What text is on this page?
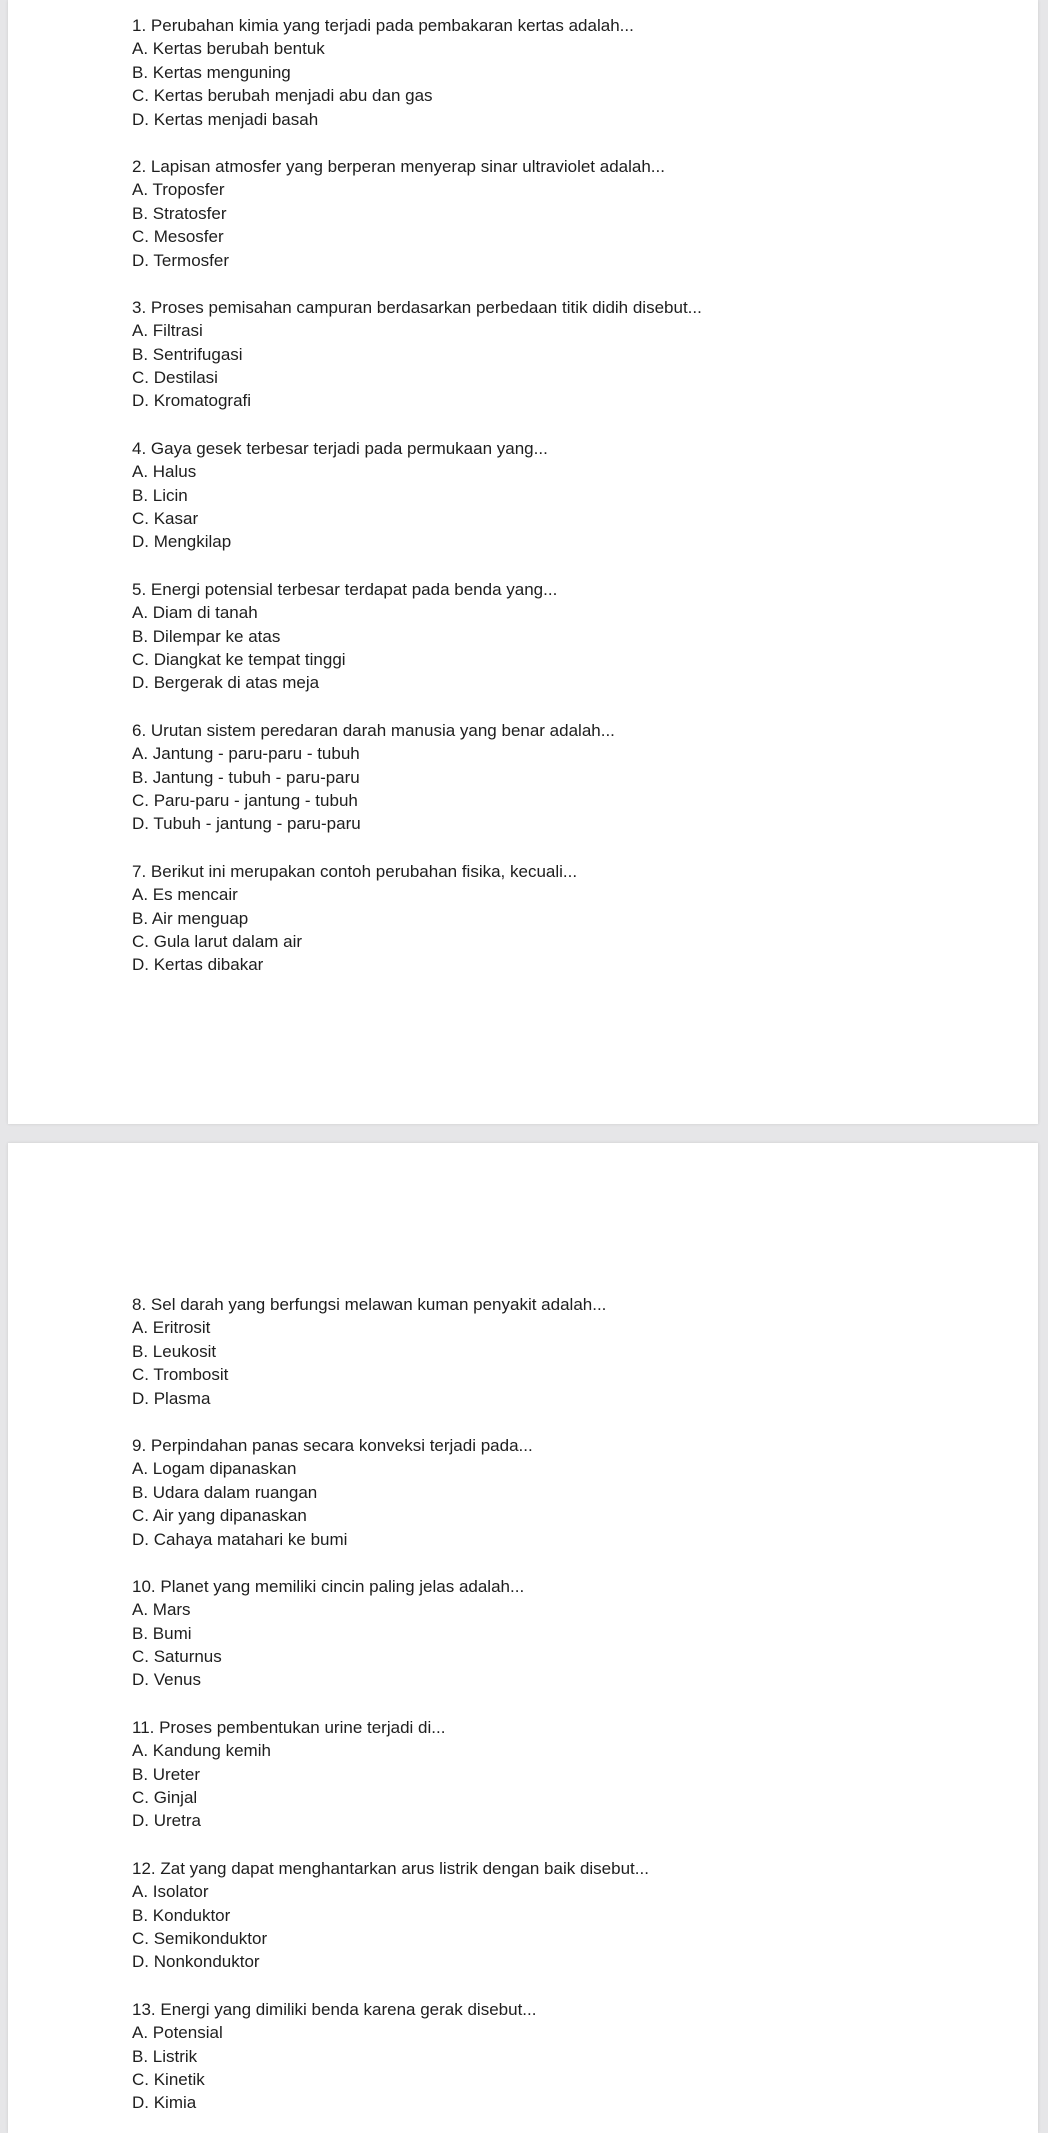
1. Perubahan kimia yang terjadi pada pembakaran kertas adalah...
A. Kertas berubah bentuk
B. Kertas menguning
C. Kertas berubah menjadi abu dan gas
D. Kertas menjadi basah
2. Lapisan atmosfer yang berperan menyerap sinar ultraviolet adalah...
A. Troposfer
B. Stratosfer
C. Mesosfer
D. Termosfer
3. Proses pemisahan campuran berdasarkan perbedaan titik didih disebut...
A. Filtrasi
B. Sentrifugasi
C. Destilasi
D. Kromatografi
4. Gaya gesek terbesar terjadi pada permukaan yang...
A. Halus
B. Licin
C. Kasar
D. Mengkilap
5. Energi potensial terbesar terdapat pada benda yang...
A. Diam di tanah
B. Dilempar ke atas
C. Diangkat ke tempat tinggi
D. Bergerak di atas meja
6. Urutan sistem peredaran darah manusia yang benar adalah...
A. Jantung - paru-paru - tubuh
B. Jantung - tubuh - paru-paru
C. Paru-paru - jantung - tubuh
D. Tubuh - jantung - paru-paru
7. Berikut ini merupakan contoh perubahan fisika, kecuali...
A. Es mencair
B. Air menguap
C. Gula larut dalam air
D. Kertas dibakar
8. Sel darah yang berfungsi melawan kuman penyakit adalah...
A. Eritrosit
B. Leukosit
C. Trombosit
D. Plasma
9. Perpindahan panas secara konveksi terjadi pada...
A. Logam dipanaskan
B. Udara dalam ruangan
C. Air yang dipanaskan
D. Cahaya matahari ke bumi
10. Planet yang memiliki cincin paling jelas adalah...
A. Mars
B. Bumi
C. Saturnus
D. Venus
11. Proses pembentukan urine terjadi di...
A. Kandung kemih
B. Ureter
C. Ginjal
D. Uretra
12. Zat yang dapat menghantarkan arus listrik dengan baik disebut...
A. Isolator
B. Konduktor
C. Semikonduktor
D. Nonkonduktor
13. Energi yang dimiliki benda karena gerak disebut...
A. Potensial
B. Listrik
C. Kinetik
D. Kimia
